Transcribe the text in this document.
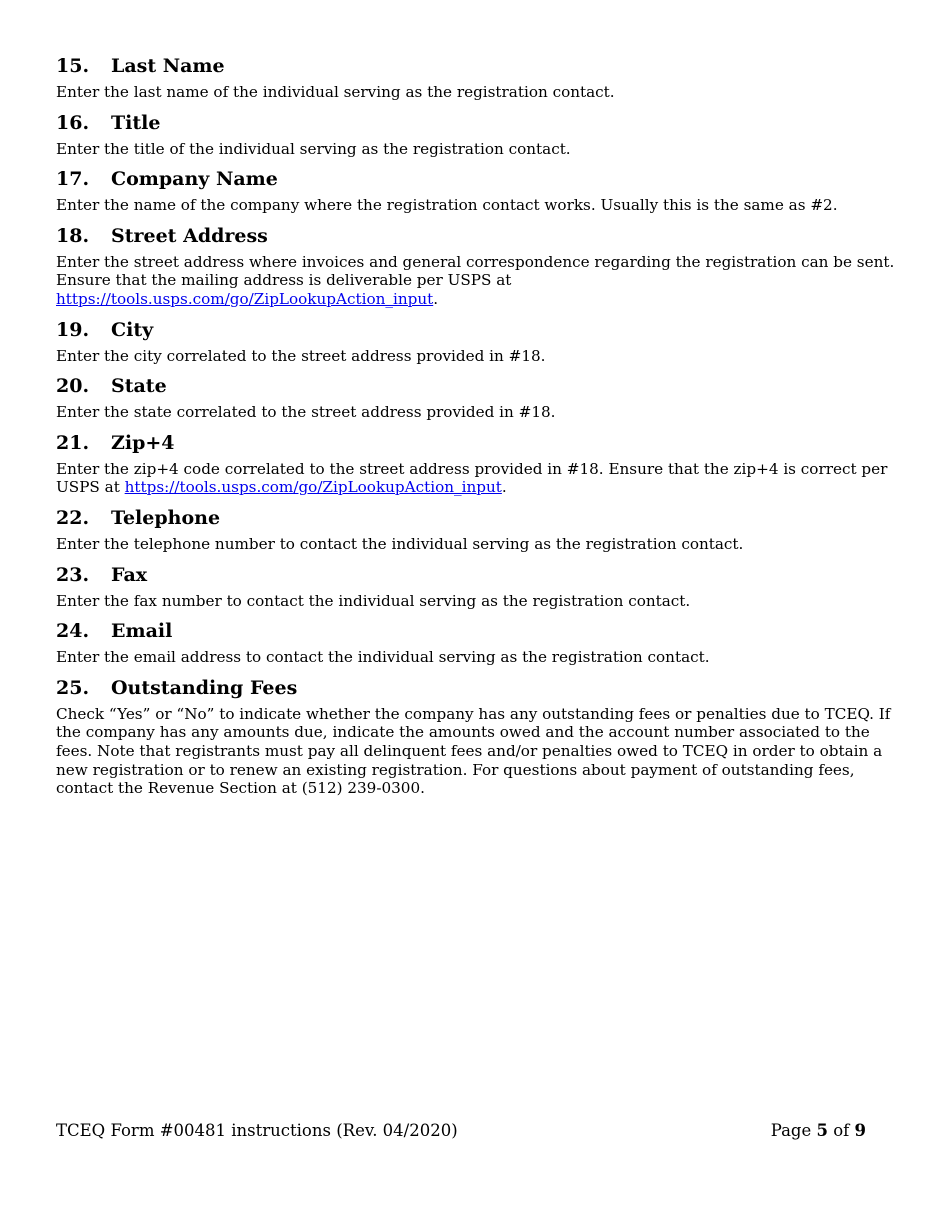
15. Last Name

Enter the last name of the individual serving as the registration contact.

16. Title

Enter the title of the individual serving as the registration contact.

17. Company Name

Enter the name of the company where the registration contact works. Usually this is the same as #2.

18. Street Address

Enter the street address where invoices and general correspondence regarding the registration can be sent. Ensure that the mailing address is deliverable per USPS at https://tools.usps.com/go/ZipLookupAction_input.

19. City

Enter the city correlated to the street address provided in #18.

20. State

Enter the state correlated to the street address provided in #18.

21. Zip+4

Enter the zip+4 code correlated to the street address provided in #18. Ensure that the zip+4 is correct per USPS at https://tools.usps.com/go/ZipLookupAction_input.

22. Telephone

Enter the telephone number to contact the individual serving as the registration contact.

23. Fax

Enter the fax number to contact the individual serving as the registration contact.

24. Email

Enter the email address to contact the individual serving as the registration contact.

25. Outstanding Fees

Check “Yes” or “No” to indicate whether the company has any outstanding fees or penalties due to TCEQ. If the company has any amounts due, indicate the amounts owed and the account number associated to the fees. Note that registrants must pay all delinquent fees and/or penalties owed to TCEQ in order to obtain a new registration or to renew an existing registration. For questions about payment of outstanding fees, contact the Revenue Section at (512) 239-0300.

TCEQ Form #00481 instructions (Rev. 04/2020)	Page 5 of 9
